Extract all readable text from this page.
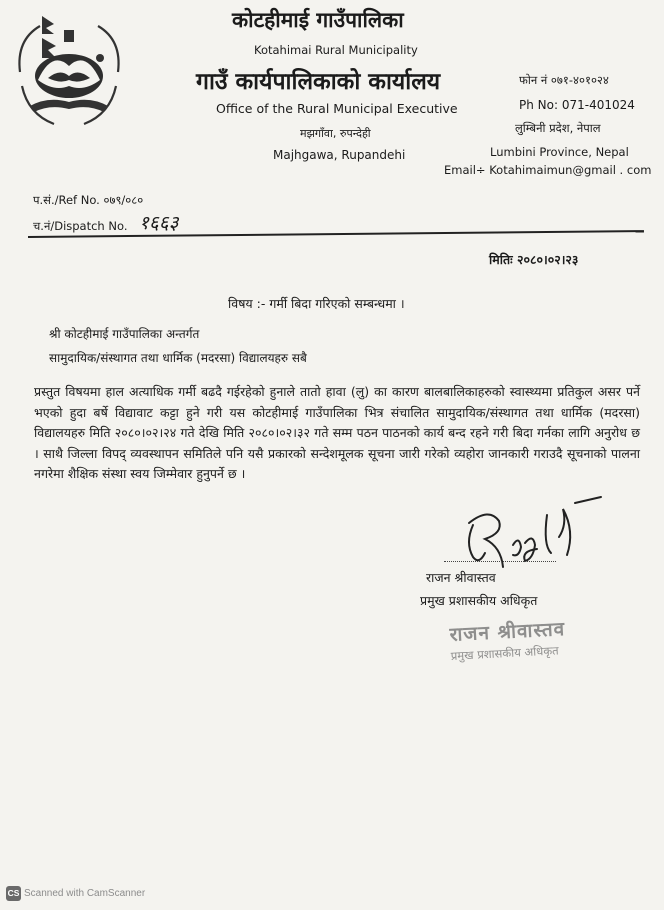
कोटहीमाई गाउँपालिका
Kotahimai Rural Municipality
गाउँ कार्यपालिकाको कार्यालय
Office of the Rural Municipal Executive
मझगाँवा, रुपन्देही
Majhgawa, Rupandehi
फोन नं ०७१-४०१०२४
Ph No: 071-401024
लुम्बिनी प्रदेश, नेपाल
Lumbini Province, Nepal
Email÷ Kotahimaimun@gmail . com
प.सं./Ref No. ०७९/०८०
च.नं/Dispatch No. १६६३
मितिः २०८०।०२।२३
विषय :- गर्मी बिदा गरिएको सम्बन्धमा ।
श्री कोटहीमाई गाउँपालिका अन्तर्गत
सामुदायिक/संस्थागत तथा धार्मिक (मदरसा) विद्यालयहरु सबै
प्रस्तुत विषयमा हाल अत्याधिक गर्मी बढदै गईरहेको हुनाले तातो हावा (लु) का कारण बालबालिकाहरुको स्वास्थ्यमा प्रतिकुल असर पर्ने भएको हुदा बर्षे विद्यावाट कट्टा हुने गरी यस कोटहीमाई गाउँपालिका भित्र संचालित सामुदायिक/संस्थागत तथा धार्मिक (मदरसा) विद्यालयहरु मिति २०८०।०२।२४ गते देखि मिति २०८०।०२।३२ गते सम्म पठन पाठनको कार्य बन्द रहने गरी बिदा गर्नका लागि अनुरोध छ । साथै जिल्ला विपद् व्यवस्थापन समितिले पनि यसै प्रकारको सन्देशमूलक सूचना जारी गरेको व्यहोरा जानकारी गराउदै सूचनाको पालना नगरेमा शैक्षिक संस्था स्वय जिम्मेवार हुनुपर्ने छ ।
राजन श्रीवास्तव
प्रमुख प्रशासकीय अधिकृत
राजन श्रीवास्तव
प्रमुख प्रशासकीय अधिकृत
CS Scanned with CamScanner
